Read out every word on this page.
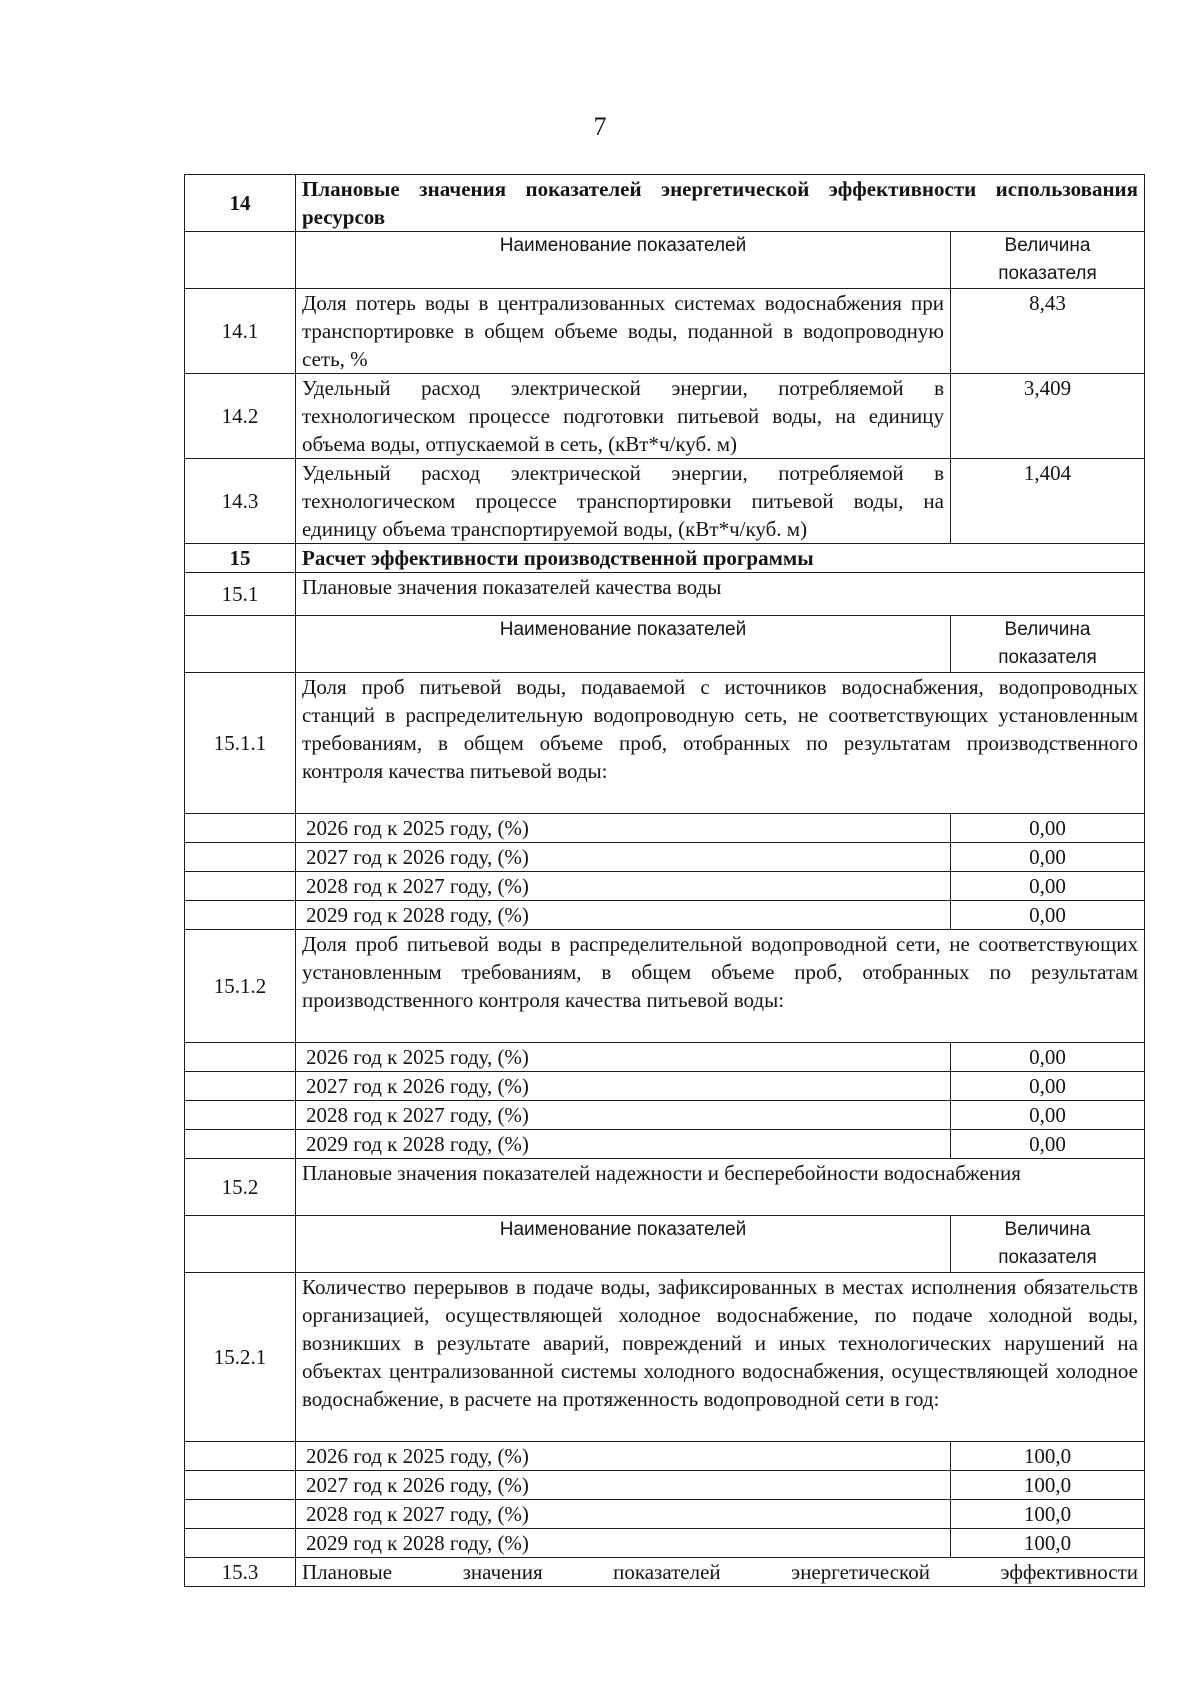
7
14	Плановые значения показателей энергетической эффективности использования ресурсов	
	Наименование показателей	Величина показателя
14.1	Доля потерь воды в централизованных системах водоснабжения при транспортировке в общем объеме воды, поданной в водопроводную сеть, %	8,43
14.2	Удельный расход электрической энергии, потребляемой в технологическом процессе подготовки питьевой воды, на единицу объема воды, отпускаемой в сеть, (кВт*ч/куб. м)	3,409
14.3	Удельный расход электрической энергии, потребляемой в технологическом процессе транспортировки питьевой воды, на единицу объема транспортируемой воды, (кВт*ч/куб. м)	1,404
15	Расчет эффективности производственной программы	
15.1	Плановые значения показателей качества воды	
	Наименование показателей	Величина показателя
15.1.1	Доля проб питьевой воды, подаваемой с источников водоснабжения, водопроводных станций в распределительную водопроводную сеть, не соответствующих установленным требованиям, в общем объеме проб, отобранных по результатам производственного контроля качества питьевой воды:	
	2026 год к 2025 году, (%)	0,00
	2027 год к 2026 году, (%)	0,00
	2028 год к 2027 году, (%)	0,00
	2029 год к 2028 году, (%)	0,00
15.1.2	Доля проб питьевой воды в распределительной водопроводной сети, не соответствующих установленным требованиям, в общем объеме проб, отобранных по результатам производственного контроля качества питьевой воды:	
	2026 год к 2025 году, (%)	0,00
	2027 год к 2026 году, (%)	0,00
	2028 год к 2027 году, (%)	0,00
	2029 год к 2028 году, (%)	0,00
15.2	Плановые значения показателей надежности и бесперебойности водоснабжения	
	Наименование показателей	Величина показателя
15.2.1	Количество перерывов в подаче воды, зафиксированных в местах исполнения обязательств организацией, осуществляющей холодное водоснабжение, по подаче холодной воды, возникших в результате аварий, повреждений и иных технологических нарушений на объектах централизованной системы холодного водоснабжения, осуществляющей холодное водоснабжение, в расчете на протяженность водопроводной сети в год:	
	2026 год к 2025 году, (%)	100,0
	2027 год к 2026 году, (%)	100,0
	2028 год к 2027 году, (%)	100,0
	2029 год к 2028 году, (%)	100,0
15.3	Плановые значения показателей энергетической эффективности	
